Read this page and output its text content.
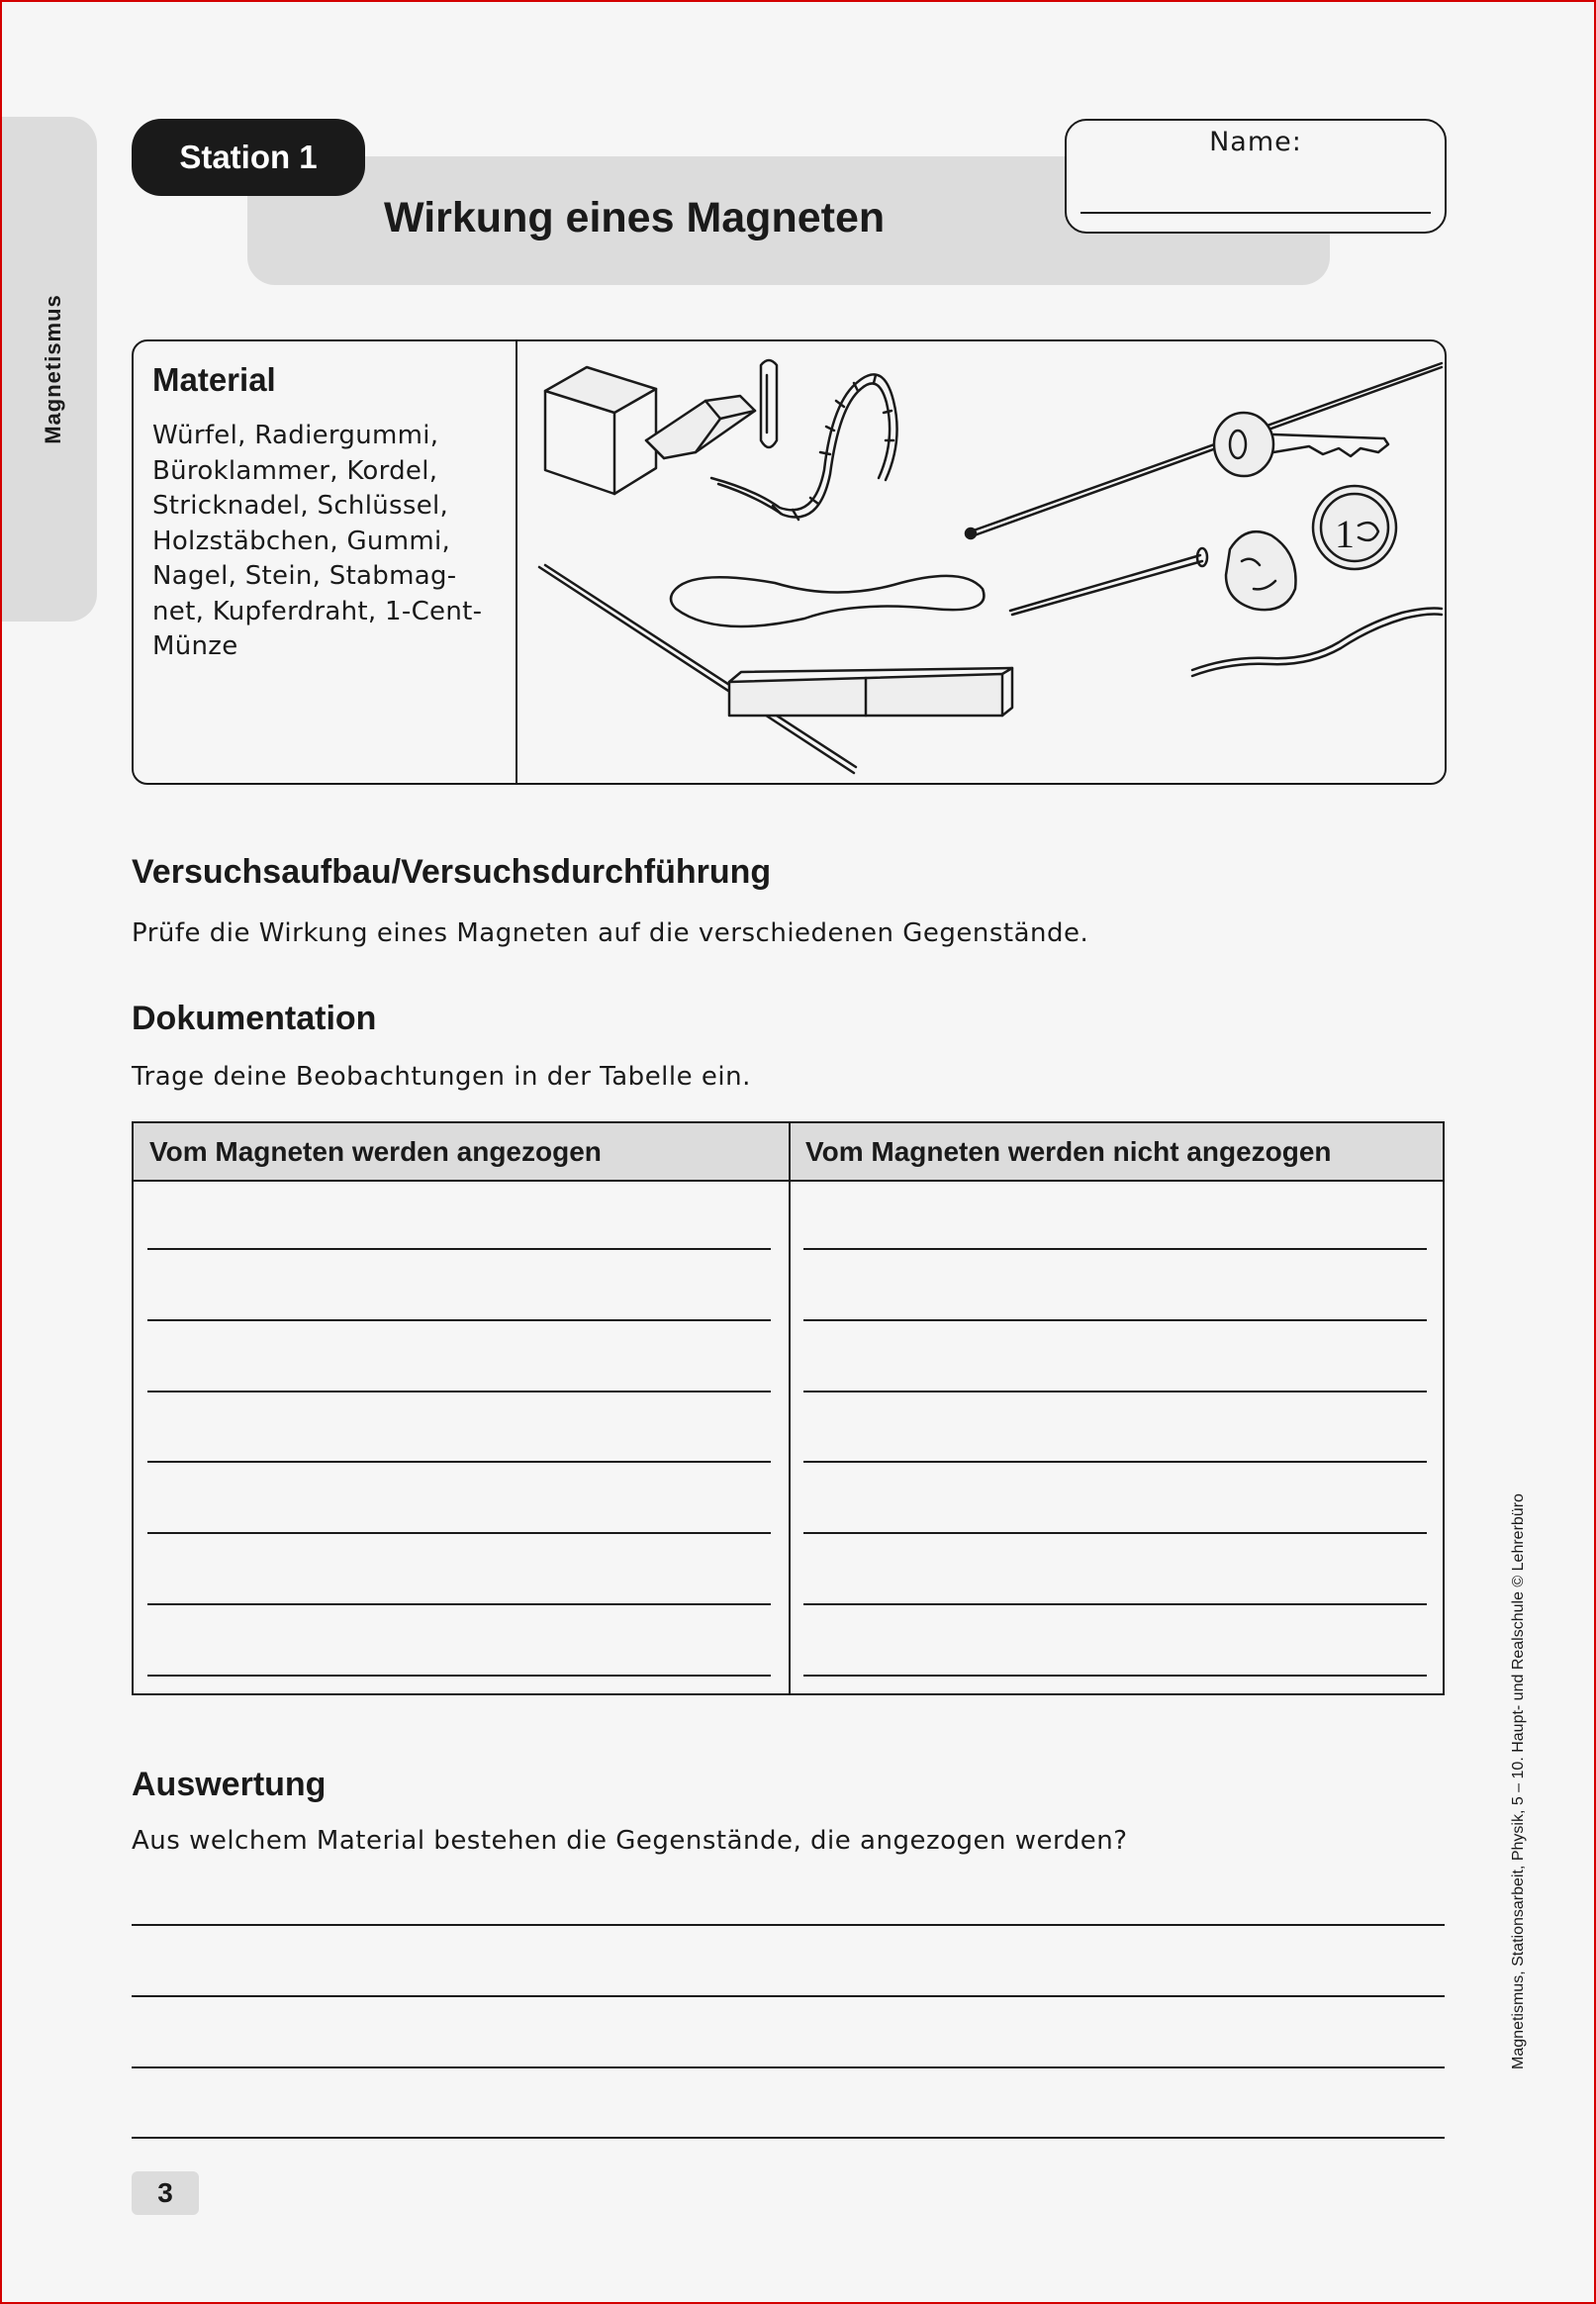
Magnetismus
Station 1
Wirkung eines Magneten
Name:
Material
Würfel, Radiergummi,
Büroklammer, Kordel,
Stricknadel, Schlüssel,
Holzstäbchen, Gummi,
Nagel, Stein, Stabmag-
net, Kupferdraht, 1-Cent-
Münze
1
Versuchsaufbau/Versuchsdurchführung
Prüfe die Wirkung eines Magneten auf die verschiedenen Gegenstände.
Dokumentation
Trage deine Beobachtungen in der Tabelle ein.
Vom Magneten werden angezogen	Vom Magneten werden nicht angezogen
Auswertung
Aus welchem Material bestehen die Gegenstände, die angezogen werden?
3
Magnetismus, Stationsarbeit, Physik, 5 – 10. Haupt- und Realschule © Lehrerbüro
